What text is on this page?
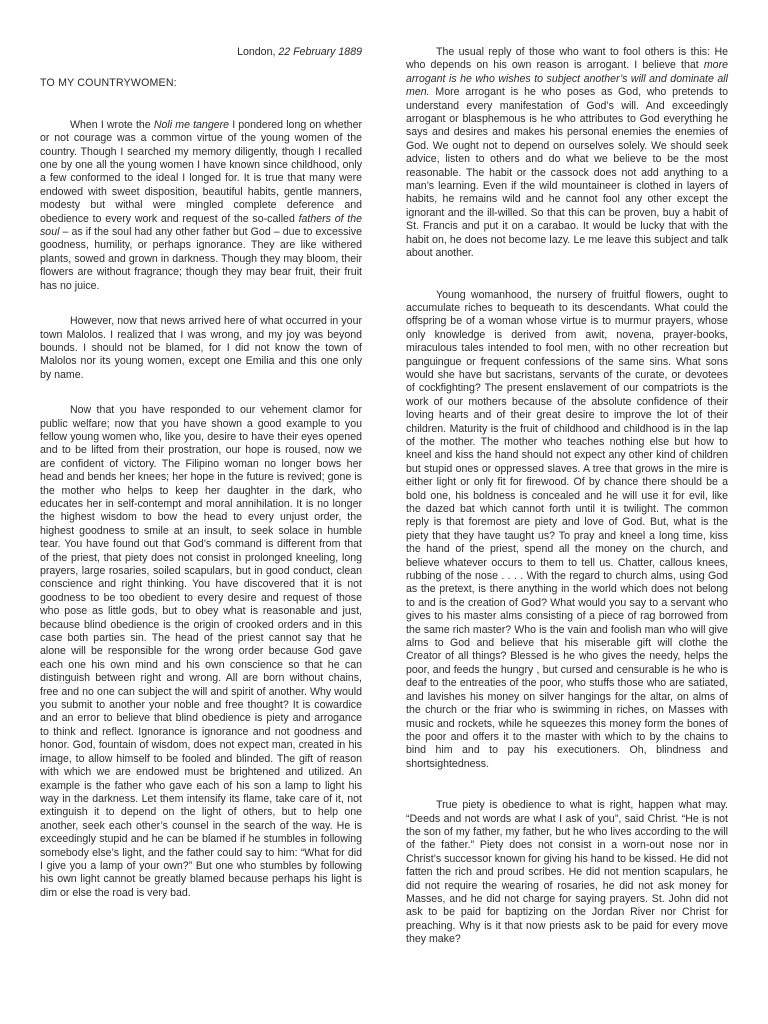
London, 22 February 1889
TO MY COUNTRYWOMEN:

When I wrote the Noli me tangere I pondered long on whether or not courage was a common virtue of the young women of the country. Though I searched my memory diligently, though I recalled one by one all the young women I have known since childhood, only a few conformed to the ideal I longed for. It is true that many were endowed with sweet disposition, beautiful habits, gentle manners, modesty but withal were mingled complete deference and obedience to every work and request of the so-called fathers of the soul – as if the soul had any other father but God – due to excessive goodness, humility, or perhaps ignorance. They are like withered plants, sowed and grown in darkness. Though they may bloom, their flowers are without fragrance; though they may bear fruit, their fruit has no juice.

However, now that news arrived here of what occurred in your town Malolos. I realized that I was wrong, and my joy was beyond bounds. I should not be blamed, for I did not know the town of Malolos nor its young women, except one Emilia and this one only by name.

Now that you have responded to our vehement clamor for public welfare; now that you have shown a good example to you fellow young women who, like you, desire to have their eyes opened and to be lifted from their prostration, our hope is roused, now we are confident of victory. The Filipino woman no longer bows her head and bends her knees; her hope in the future is revived; gone is the mother who helps to keep her daughter in the dark, who educates her in self-contempt and moral annihilation. It is no longer the highest wisdom to bow the head to every unjust order, the highest goodness to smile at an insult, to seek solace in humble tear. You have found out that God’s command is different from that of the priest, that piety does not consist in prolonged kneeling, long prayers, large rosaries, soiled scapulars, but in good conduct, clean conscience and right thinking. You have discovered that it is not goodness to be too obedient to every desire and request of those who pose as little gods, but to obey what is reasonable and just, because blind obedience is the origin of crooked orders and in this case both parties sin. The head of the priest cannot say that he alone will be responsible for the wrong order because God gave each one his own mind and his own conscience so that he can distinguish between right and wrong. All are born without chains, free and no one can subject the will and spirit of another. Why would you submit to another your noble and free thought? It is cowardice and an error to believe that blind obedience is piety and arrogance to think and reflect. Ignorance is ignorance and not goodness and honor. God, fountain of wisdom, does not expect man, created in his image, to allow himself to be fooled and blinded. The gift of reason with which we are endowed must be brightened and utilized. An example is the father who gave each of his son a lamp to light his way in the darkness. Let them intensify its flame, take care of it, not extinguish it to depend on the light of others, but to help one another, seek each other’s counsel in the search of the way. He is exceedingly stupid and he can be blamed if he stumbles in following somebody else’s light, and the father could say to him: “What for did I give you a lamp of your own?” But one who stumbles by following his own light cannot be greatly blamed because perhaps his light is dim or else the road is very bad.

The usual reply of those who want to fool others is this: He who depends on his own reason is arrogant. I believe that more arrogant is he who wishes to subject another’s will and dominate all men. More arrogant is he who poses as God, who pretends to understand every manifestation of God’s will. And exceedingly arrogant or blasphemous is he who attributes to God everything he says and desires and makes his personal enemies the enemies of God. We ought not to depend on ourselves solely. We should seek advice, listen to others and do what we believe to be the most reasonable. The habit or the cassock does not add anything to a man’s learning. Even if the wild mountaineer is clothed in layers of habits, he remains wild and he cannot fool any other except the ignorant and the ill-willed. So that this can be proven, buy a habit of St. Francis and put it on a carabao. It would be lucky that with the habit on, he does not become lazy. Le me leave this subject and talk about another.

Young womanhood, the nursery of fruitful flowers, ought to accumulate riches to bequeath to its descendants. What could the offspring be of a woman whose virtue is to murmur prayers, whose only knowledge is derived from awit, novena, prayer-books, miraculous tales intended to fool men, with no other recreation but panguingue or frequent confessions of the same sins. What sons would she have but sacristans, servants of the curate, or devotees of cockfighting? The present enslavement of our compatriots is the work of our mothers because of the absolute confidence of their loving hearts and of their great desire to improve the lot of their children. Maturity is the fruit of childhood and childhood is in the lap of the mother. The mother who teaches nothing else but how to kneel and kiss the hand should not expect any other kind of children but stupid ones or oppressed slaves. A tree that grows in the mire is either light or only fit for firewood. Of by chance there should be a bold one, his boldness is concealed and he will use it for evil, like the dazed bat which cannot forth until it is twilight. The common reply is that foremost are piety and love of God. But, what is the piety that they have taught us? To pray and kneel a long time, kiss the hand of the priest, spend all the money on the church, and believe whatever occurs to them to tell us. Chatter, callous knees, rubbing of the nose . . . . With the regard to church alms, using God as the pretext, is there anything in the world which does not belong to and is the creation of God? What would you say to a servant who gives to his master alms consisting of a piece of rag borrowed from the same rich master? Who is the vain and foolish man who will give alms to God and believe that his miserable gift will clothe the Creator of all things? Blessed is he who gives the needy, helps the poor, and feeds the hungry , but cursed and censurable is he who is deaf to the entreaties of the poor, who stuffs those who are satiated, and lavishes his money on silver hangings for the altar, on alms of the church or the friar who is swimming in riches, on Masses with music and rockets, while he squeezes this money form the bones of the poor and offers it to the master with which to by the chains to bind him and to pay his executioners. Oh, blindness and shortsightedness.

True piety is obedience to what is right, happen what may. “Deeds and not words are what I ask of you”, said Christ. “He is not the son of my father, my father, but he who lives according to the will of the father.” Piety does not consist in a worn-out nose nor in Christ’s successor known for giving his hand to be kissed. He did not fatten the rich and proud scribes. He did not mention scapulars, he did not require the wearing of rosaries, he did not ask money for Masses, and he did not charge for saying prayers. St. John did not ask to be paid for baptizing on the Jordan River nor Christ for preaching. Why is it that now priests ask to be paid for every move they make?
